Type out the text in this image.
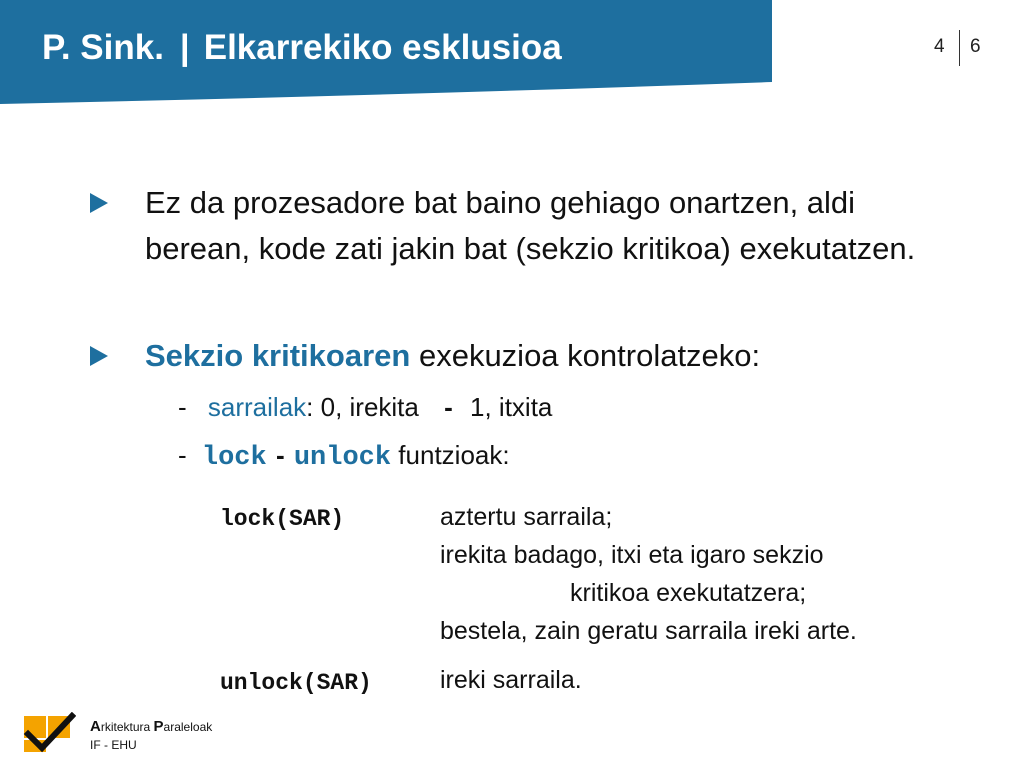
P. Sink. | Elkarrekiko esklusioa	4 6
Ez da prozesadore bat baino gehiago onartzen, aldi berean, kode zati jakin bat (sekzio kritikoa) exekutatzen.
Sekzio kritikoaren exekuzioa kontrolatzeko:
- sarrailak: 0, irekita - 1, itxita
- lock - unlock funtzioak:
lock(SAR)	aztertu sarraila;
irekita badago, itxi eta igaro sekzio
kritikoa exekutatzera;
bestela, zain geratu sarraila ireki arte.
unlock(SAR)	ireki sarraila.
Arkitektura Paraleloak
IF - EHU
